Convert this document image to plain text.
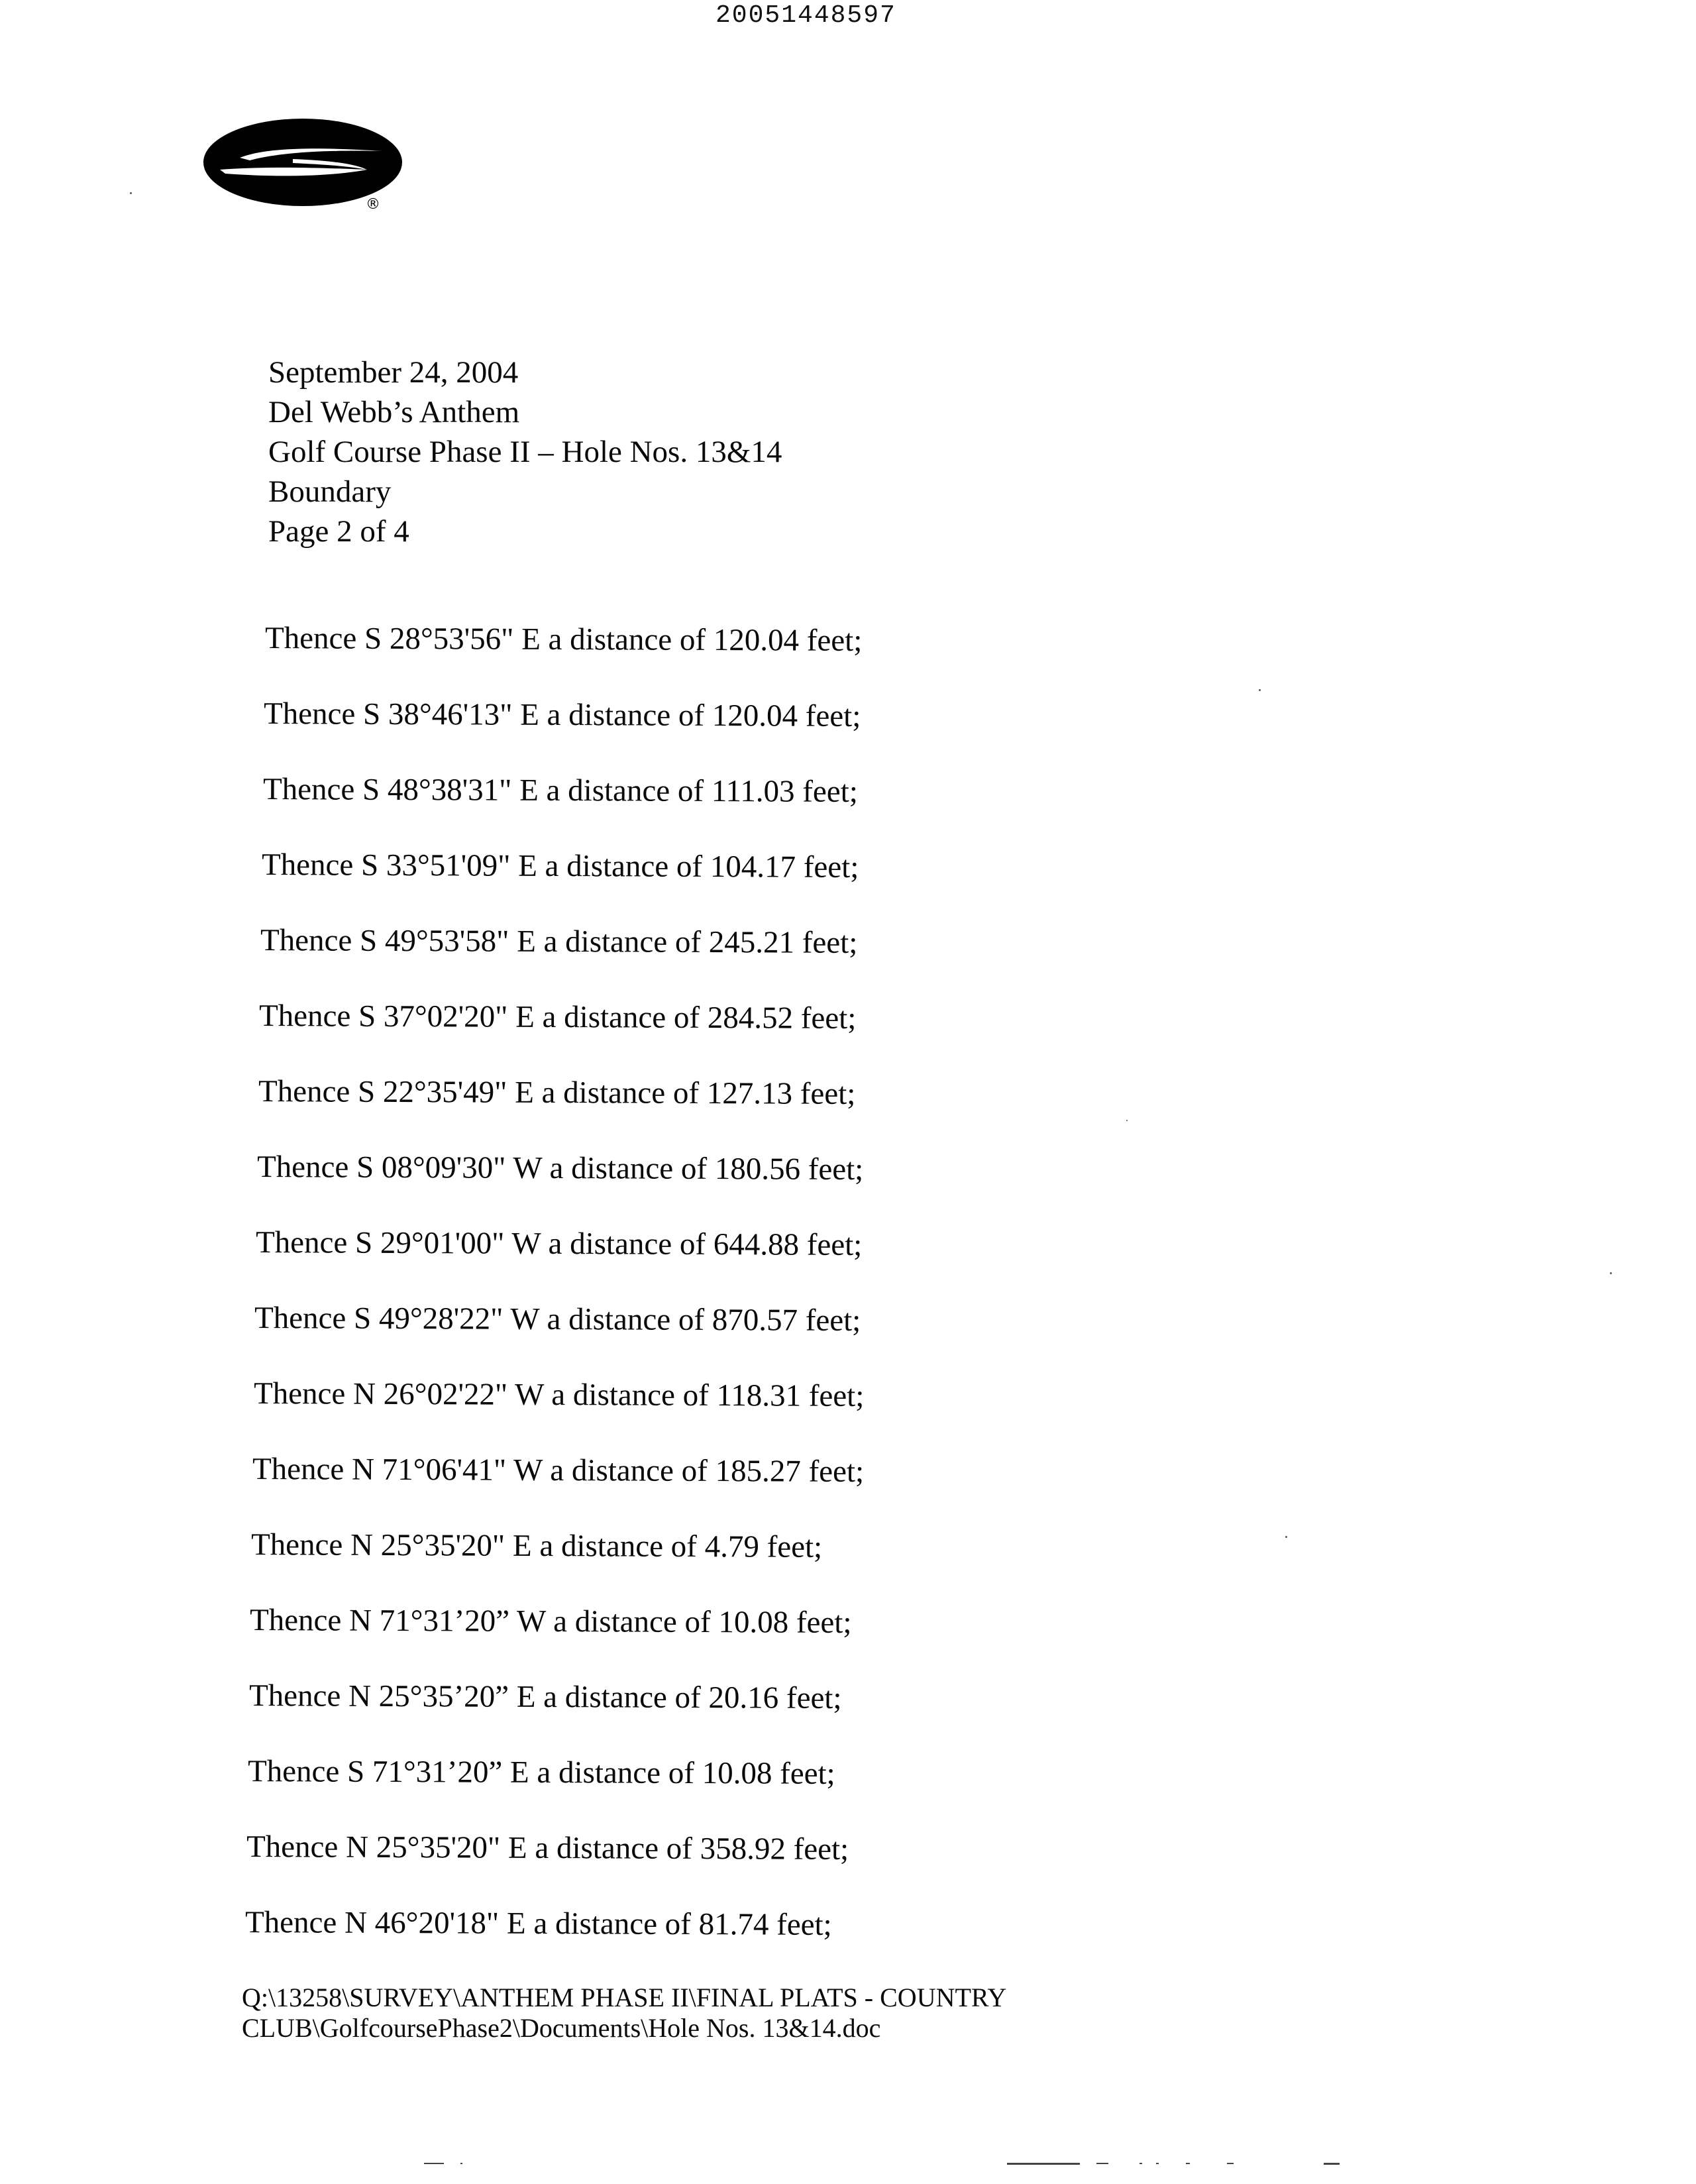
20051448597
®
September 24, 2004
Del Webb’s Anthem
Golf Course Phase II – Hole Nos. 13&14
Boundary
Page 2 of 4
Thence S 28°53'56" E a distance of 120.04 feet;
Thence S 38°46'13" E a distance of 120.04 feet;
Thence S 48°38'31" E a distance of 111.03 feet;
Thence S 33°51'09" E a distance of 104.17 feet;
Thence S 49°53'58" E a distance of 245.21 feet;
Thence S 37°02'20" E a distance of 284.52 feet;
Thence S 22°35'49" E a distance of 127.13 feet;
Thence S 08°09'30" W a distance of 180.56 feet;
Thence S 29°01'00" W a distance of 644.88 feet;
Thence S 49°28'22" W a distance of 870.57 feet;
Thence N 26°02'22" W a distance of 118.31 feet;
Thence N 71°06'41" W a distance of 185.27 feet;
Thence N 25°35'20" E a distance of 4.79 feet;
Thence N 71°31’20” W a distance of 10.08 feet;
Thence N 25°35’20” E a distance of 20.16 feet;
Thence S 71°31’20” E a distance of 10.08 feet;
Thence N 25°35'20" E a distance of 358.92 feet;
Thence N 46°20'18" E a distance of 81.74 feet;
Q:\13258\SURVEY\ANTHEM PHASE II\FINAL PLATS - COUNTRY
CLUB\GolfcoursePhase2\Documents\Hole Nos. 13&14.doc
